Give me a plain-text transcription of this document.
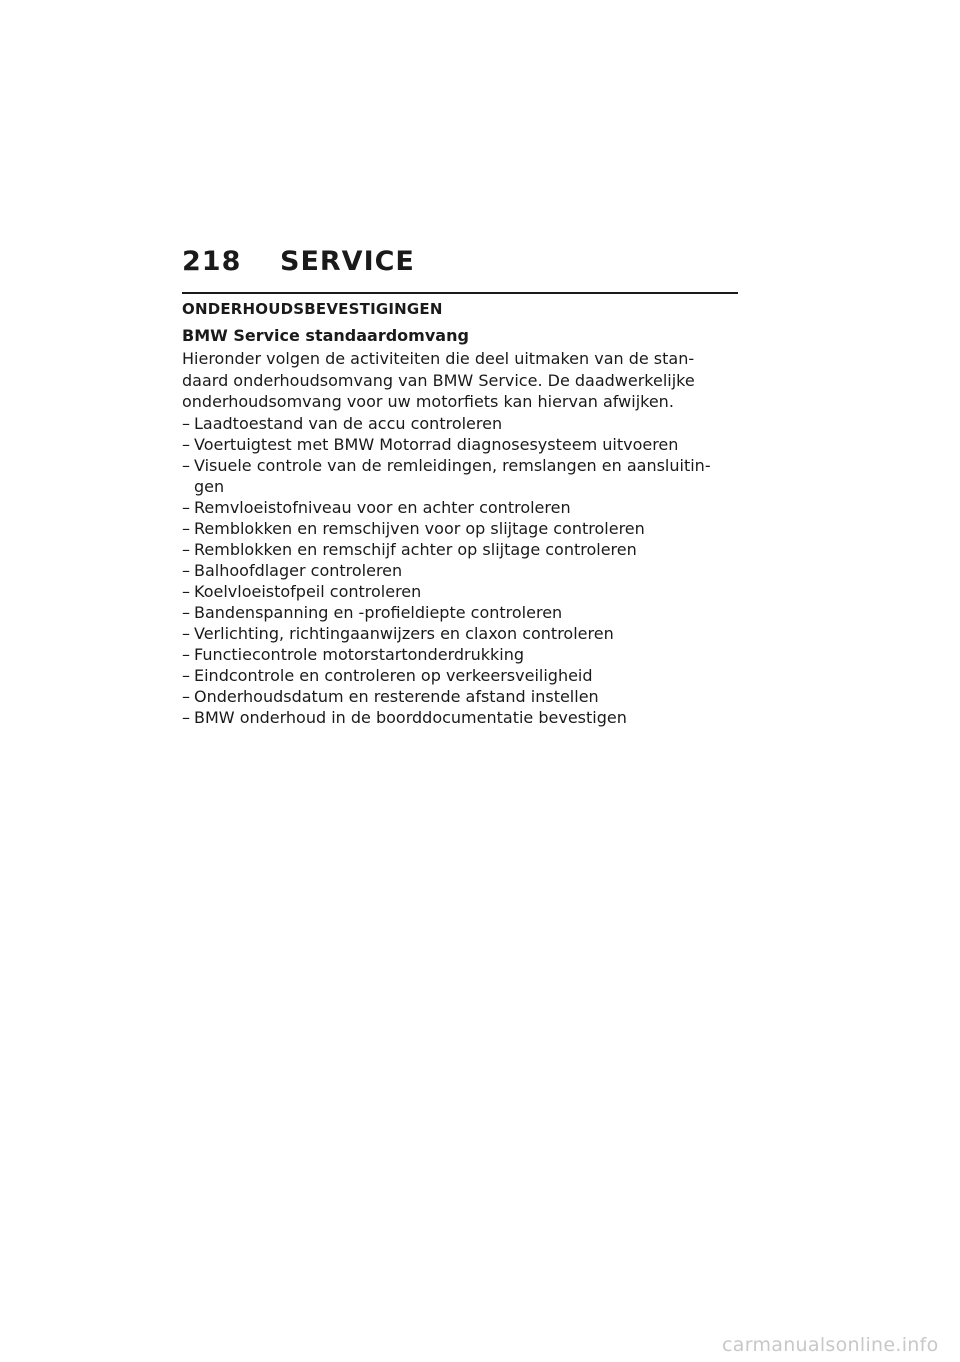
218	SERVICE
ONDERHOUDSBEVESTIGINGEN
BMW Service standaardomvang

Hieronder volgen de activiteiten die deel uitmaken van de stan-daard onderhoudsomvang van BMW Service. De daadwerkelijke onderhoudsomvang voor uw motorfiets kan hiervan afwijken.

– Laadtoestand van de accu controleren
– Voertuigtest met BMW Motorrad diagnosesysteem uitvoeren
– Visuele controle van de remleidingen, remslangen en aansluitin-gen
– Remvloeistofniveau voor en achter controleren
– Remblokken en remschijven voor op slijtage controleren
– Remblokken en remschijf achter op slijtage controleren
– Balhoofdlager controleren
– Koelvloeistofpeil controleren
– Bandenspanning en -profieldiepte controleren
– Verlichting, richtingaanwijzers en claxon controleren
– Functiecontrole motorstartonderdrukking
– Eindcontrole en controleren op verkeersveiligheid
– Onderhoudsdatum en resterende afstand instellen
– BMW onderhoud in de boorddocumentatie bevestigen
carmanualsonline.info
